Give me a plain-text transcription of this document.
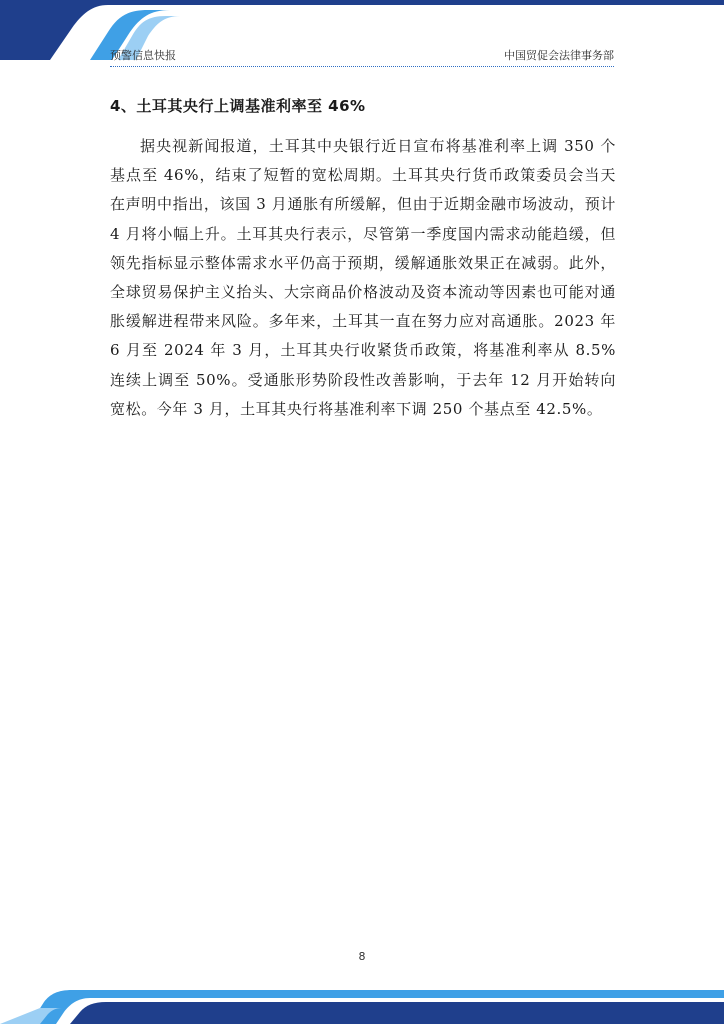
预警信息快报	中国贸促会法律事务部
4、土耳其央行上调基准利率至 46%

据央视新闻报道，土耳其中央银行近日宣布将基准利率上调 350 个基点至 46%，结束了短暂的宽松周期。土耳其央行货币政策委员会当天在声明中指出，该国 3 月通胀有所缓解，但由于近期金融市场波动，预计 4 月将小幅上升。土耳其央行表示，尽管第一季度国内需求动能趋缓，但领先指标显示整体需求水平仍高于预期，缓解通胀效果正在减弱。此外，全球贸易保护主义抬头、大宗商品价格波动及资本流动等因素也可能对通胀缓解进程带来风险。多年来，土耳其一直在努力应对高通胀。2023 年 6 月至 2024 年 3 月，土耳其央行收紧货币政策，将基准利率从 8.5%连续上调至 50%。受通胀形势阶段性改善影响，于去年 12 月开始转向宽松。今年 3 月，土耳其央行将基准利率下调 250 个基点至 42.5%。

8
